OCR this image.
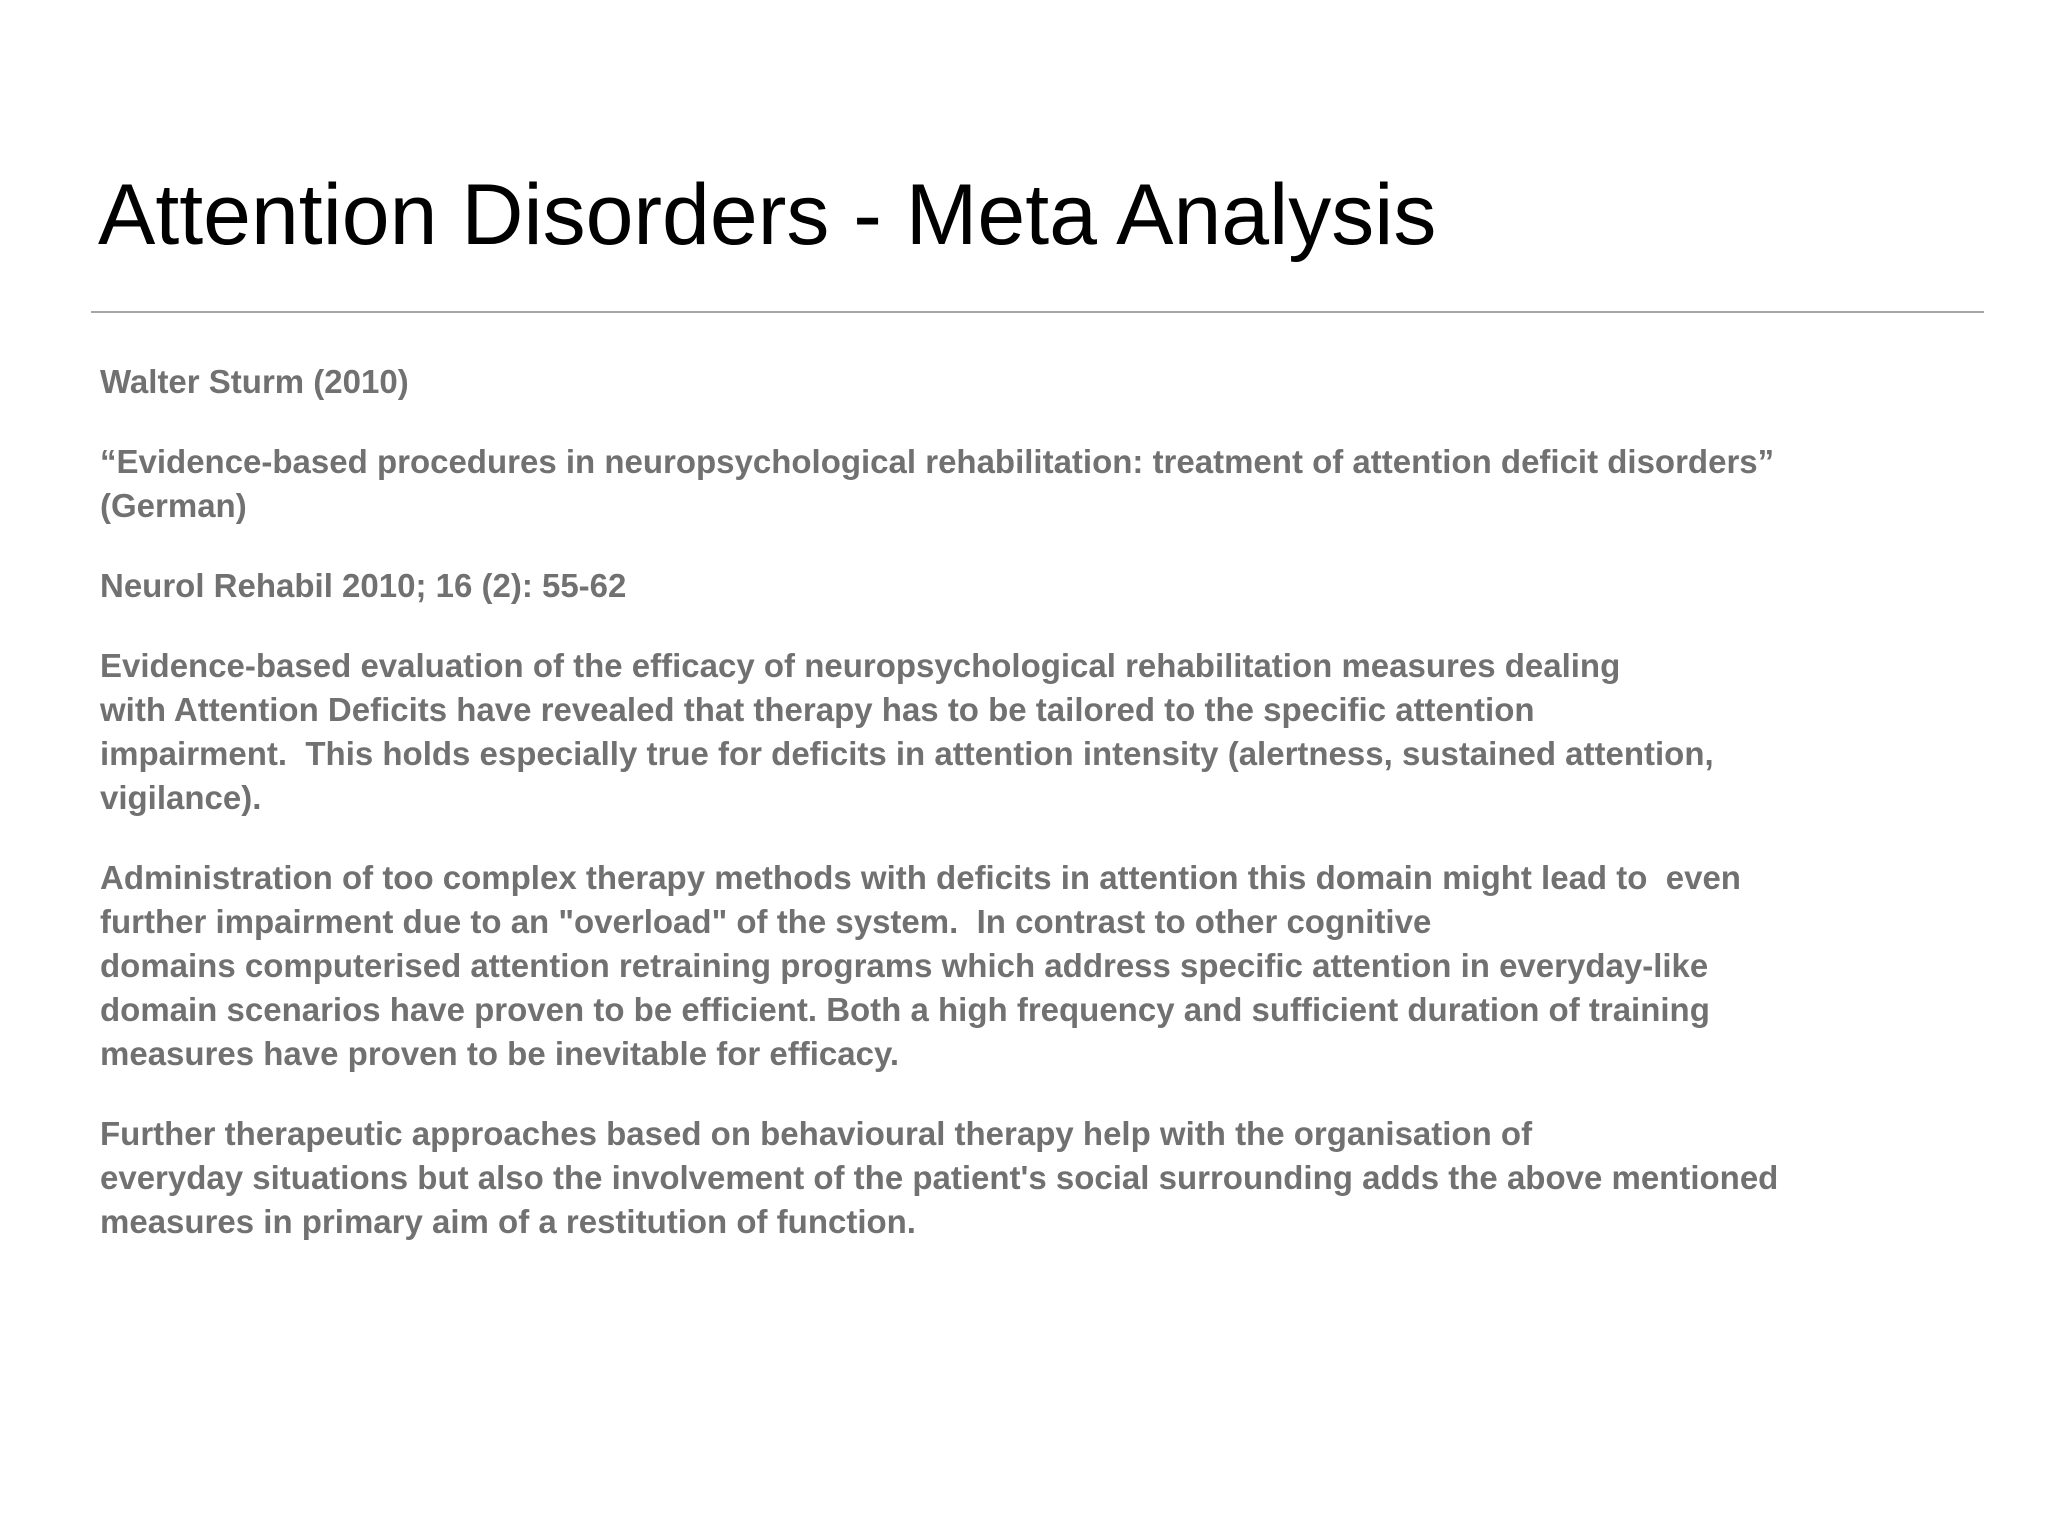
Attention Disorders - Meta Analysis

Walter Sturm (2010)

“Evidence-based procedures in neuropsychological rehabilitation: treatment of attention deficit disorders”
(German)

Neurol Rehabil 2010; 16 (2): 55-62

Evidence-based evaluation of the efficacy of neuropsychological rehabilitation measures dealing
with Attention Deficits have revealed that therapy has to be tailored to the specific attention
impairment.  This holds especially true for deficits in attention intensity (alertness, sustained attention,
vigilance).

Administration of too complex therapy methods with deficits in attention this domain might lead to  even
further impairment due to an "overload" of the system.  In contrast to other cognitive
domains computerised attention retraining programs which address specific attention in everyday-like
domain scenarios have proven to be efficient. Both a high frequency and sufficient duration of training
measures have proven to be inevitable for efficacy.

Further therapeutic approaches based on behavioural therapy help with the organisation of
everyday situations but also the involvement of the patient's social surrounding adds the above mentioned
measures in primary aim of a restitution of function.
